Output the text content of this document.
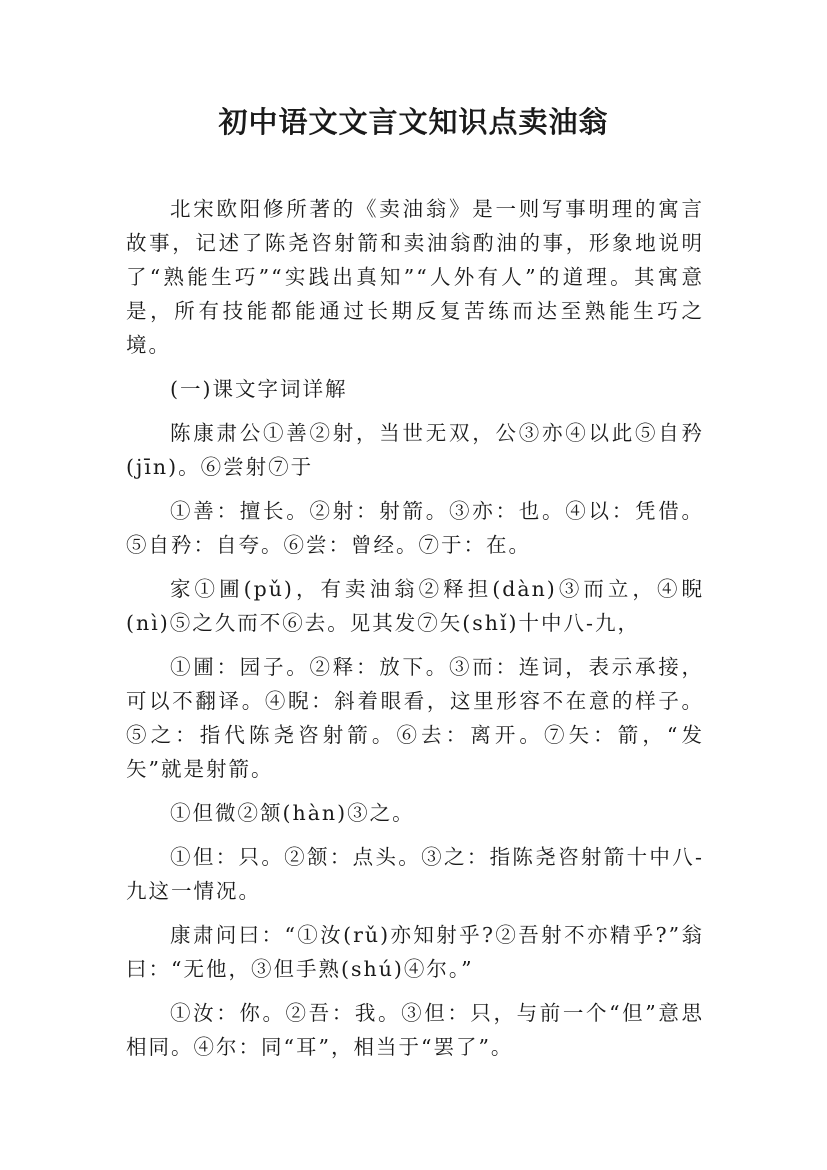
初中语文文言文知识点卖油翁

北宋欧阳修所著的《卖油翁》是一则写事明理的寓言故事，记述了陈尧咨射箭和卖油翁酌油的事，形象地说明了“熟能生巧”“实践出真知”“人外有人”的道理。其寓意是，所有技能都能通过长期反复苦练而达至熟能生巧之境。

(一)课文字词详解

陈康肃公①善②射，当世无双，公③亦④以此⑤自矜(jīn)。⑥尝射⑦于

①善：擅长。②射：射箭。③亦：也。④以：凭借。⑤自矜：自夸。⑥尝：曾经。⑦于：在。

家①圃(pǔ)，有卖油翁②释担(dàn)③而立，④睨(nì)⑤之久而不⑥去。见其发⑦矢(shǐ)十中八-九，

①圃：园子。②释：放下。③而：连词，表示承接，可以不翻译。④睨：斜着眼看，这里形容不在意的样子。⑤之：指代陈尧咨射箭。⑥去：离开。⑦矢：箭，“发矢”就是射箭。

①但微②颔(hàn)③之。

①但：只。②颔：点头。③之：指陈尧咨射箭十中八-九这一情况。

康肃问曰：“①汝(rǔ)亦知射乎?②吾射不亦精乎?”翁曰：“无他，③但手熟(shú)④尔。”

①汝：你。②吾：我。③但：只，与前一个“但”意思相同。④尔：同“耳”，相当于“罢了”。
